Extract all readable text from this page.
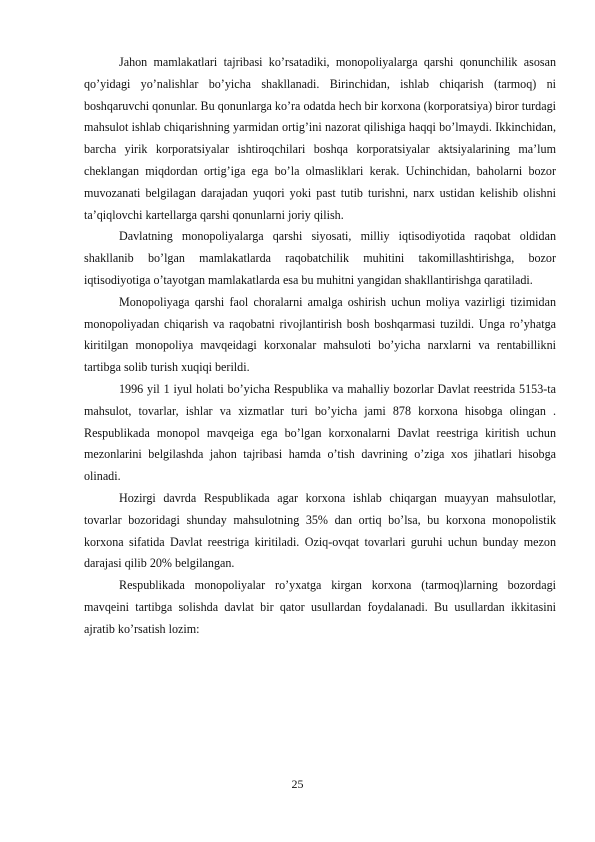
Jahon mamlakatlari tajribasi ko’rsatadiki, monopoliyalarga qarshi qonunchilik asosan qo’yidagi yo’nalishlar bo’yicha shakllanadi. Birinchidan, ishlab chiqarish (tarmoq) ni boshqaruvchi qonunlar. Bu qonunlarga ko’ra odatda hech bir korxona (korporatsiya) biror turdagi mahsulot ishlab chiqarishning yarmidan ortig’ini nazorat qilishiga haqqi bo’lmaydi. Ikkinchidan, barcha yirik korporatsiyalar ishtiroqchilari boshqa korporatsiyalar aktsiyalarining ma’lum cheklangan miqdordan ortig’iga ega bo’la olmasliklari kerak. Uchinchidan, baholarni bozor muvozanati belgilagan darajadan yuqori yoki past tutib turishni, narx ustidan kelishib olishni ta’qiqlovchi kartellarga qarshi qonunlarni joriy qilish.

Davlatning monopoliyalarga qarshi siyosati, milliy iqtisodiyotida raqobat oldidan shakllanib bo’lgan mamlakatlarda raqobatchilik muhitini takomillashtirishga, bozor iqtisodiyotiga o’tayotgan mamlakatlarda esa bu muhitni yangidan shakllantirishga qaratiladi.

Monopoliyaga qarshi faol choralarni amalga oshirish uchun moliya vazirligi tizimidan monopoliyadan chiqarish va raqobatni rivojlantirish bosh boshqarmasi tuzildi. Unga ro’yhatga kiritilgan monopoliya mavqeidagi korxonalar mahsuloti bo’yicha narxlarni va rentabillikni tartibga solib turish xuqiqi berildi.

1996 yil 1 iyul holati bo’yicha Respublika va mahalliy bozorlar Davlat reestrida 5153-ta mahsulot, tovarlar, ishlar va xizmatlar turi bo’yicha jami 878 korxona hisobga olingan . Respublikada monopol mavqeiga ega bo’lgan korxonalarni Davlat reestriga kiritish uchun mezonlarini belgilashda jahon tajribasi hamda o’tish davrining o’ziga xos jihatlari hisobga olinadi.

Hozirgi davrda Respublikada agar korxona ishlab chiqargan muayyan mahsulotlar, tovarlar bozoridagi shunday mahsulotning 35% dan ortiq bo’lsa, bu korxona monopolistik korxona sifatida Davlat reestriga kiritiladi. Oziq-ovqat tovarlari guruhi uchun bunday mezon darajasi qilib 20% belgilangan.

Respublikada monopoliyalar ro’yxatga kirgan korxona (tarmoq)larning bozordagi mavqeini tartibga solishda davlat bir qator usullardan foydalanadi. Bu usullardan ikkitasini ajratib ko’rsatish lozim:

25
